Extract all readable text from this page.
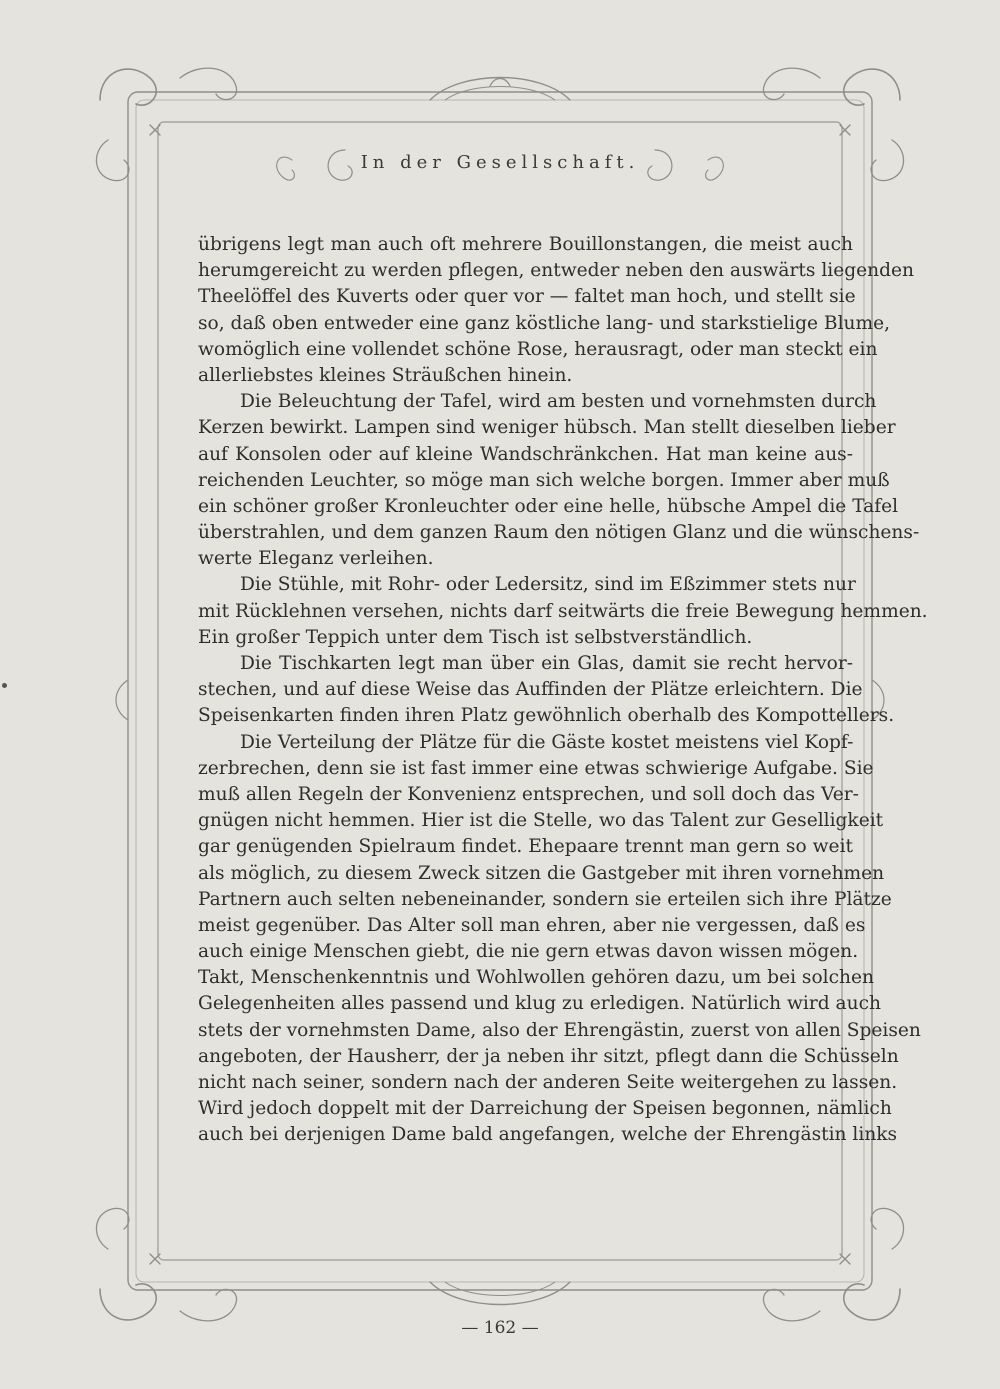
In der Gesellschaft.
übrigens legt man auch oft mehrere Bouillonstangen, die meist auch
herumgereicht zu werden pflegen, entweder neben den auswärts liegenden
Theelöffel des Kuverts oder quer vor — faltet man hoch, und stellt sie
so, daß oben entweder eine ganz köstliche lang- und starkstielige Blume,
womöglich eine vollendet schöne Rose, herausragt, oder man steckt ein
allerliebstes kleines Sträußchen hinein.
Die Beleuchtung der Tafel, wird am besten und vornehmsten durch
Kerzen bewirkt. Lampen sind weniger hübsch. Man stellt dieselben lieber
auf Konsolen oder auf kleine Wandschränkchen. Hat man keine aus-
reichenden Leuchter, so möge man sich welche borgen. Immer aber muß
ein schöner großer Kronleuchter oder eine helle, hübsche Ampel die Tafel
überstrahlen, und dem ganzen Raum den nötigen Glanz und die wünschens-
werte Eleganz verleihen.
Die Stühle, mit Rohr- oder Ledersitz, sind im Eßzimmer stets nur
mit Rücklehnen versehen, nichts darf seitwärts die freie Bewegung hemmen.
Ein großer Teppich unter dem Tisch ist selbstverständlich.
Die Tischkarten legt man über ein Glas, damit sie recht hervor-
stechen, und auf diese Weise das Auffinden der Plätze erleichtern. Die
Speisenkarten finden ihren Platz gewöhnlich oberhalb des Kompottellers.
Die Verteilung der Plätze für die Gäste kostet meistens viel Kopf-
zerbrechen, denn sie ist fast immer eine etwas schwierige Aufgabe. Sie
muß allen Regeln der Konvenienz entsprechen, und soll doch das Ver-
gnügen nicht hemmen. Hier ist die Stelle, wo das Talent zur Geselligkeit
gar genügenden Spielraum findet. Ehepaare trennt man gern so weit
als möglich, zu diesem Zweck sitzen die Gastgeber mit ihren vornehmen
Partnern auch selten nebeneinander, sondern sie erteilen sich ihre Plätze
meist gegenüber. Das Alter soll man ehren, aber nie vergessen, daß es
auch einige Menschen giebt, die nie gern etwas davon wissen mögen.
Takt, Menschenkenntnis und Wohlwollen gehören dazu, um bei solchen
Gelegenheiten alles passend und klug zu erledigen. Natürlich wird auch
stets der vornehmsten Dame, also der Ehrengästin, zuerst von allen Speisen
angeboten, der Hausherr, der ja neben ihr sitzt, pflegt dann die Schüsseln
nicht nach seiner, sondern nach der anderen Seite weitergehen zu lassen.
Wird jedoch doppelt mit der Darreichung der Speisen begonnen, nämlich
auch bei derjenigen Dame bald angefangen, welche der Ehrengästin links
— 162 —
